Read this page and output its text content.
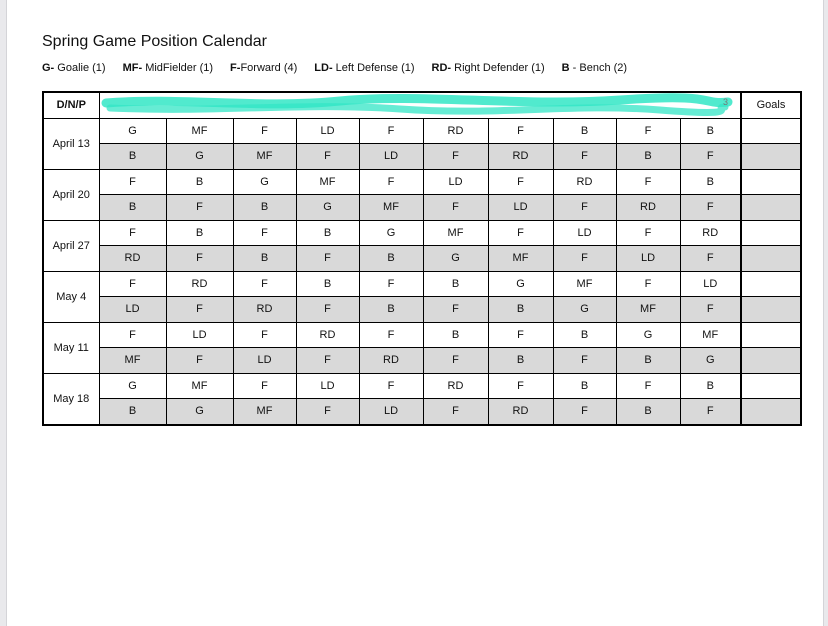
Spring Game Position Calendar
G- Goalie (1) MF- MidFielder (1) F-Forward (4) LD- Left Defense (1) RD- Right Defender (1) B - Bench (2)
D/N/P	3										Goals
April 13	G	MF	F	LD	F	RD	F	B	F	B	
	B	G	MF	F	LD	F	RD	F	B	F	
April 20	F	B	G	MF	F	LD	F	RD	F	B	
	B	F	B	G	MF	F	LD	F	RD	F	
April 27	F	B	F	B	G	MF	F	LD	F	RD	
	RD	F	B	F	B	G	MF	F	LD	F	
May 4	F	RD	F	B	F	B	G	MF	F	LD	
	LD	F	RD	F	B	F	B	G	MF	F	
May 11	F	LD	F	RD	F	B	F	B	G	MF	
	MF	F	LD	F	RD	F	B	F	B	G	
May 18	G	MF	F	LD	F	RD	F	B	F	B	
	B	G	MF	F	LD	F	RD	F	B	F	
